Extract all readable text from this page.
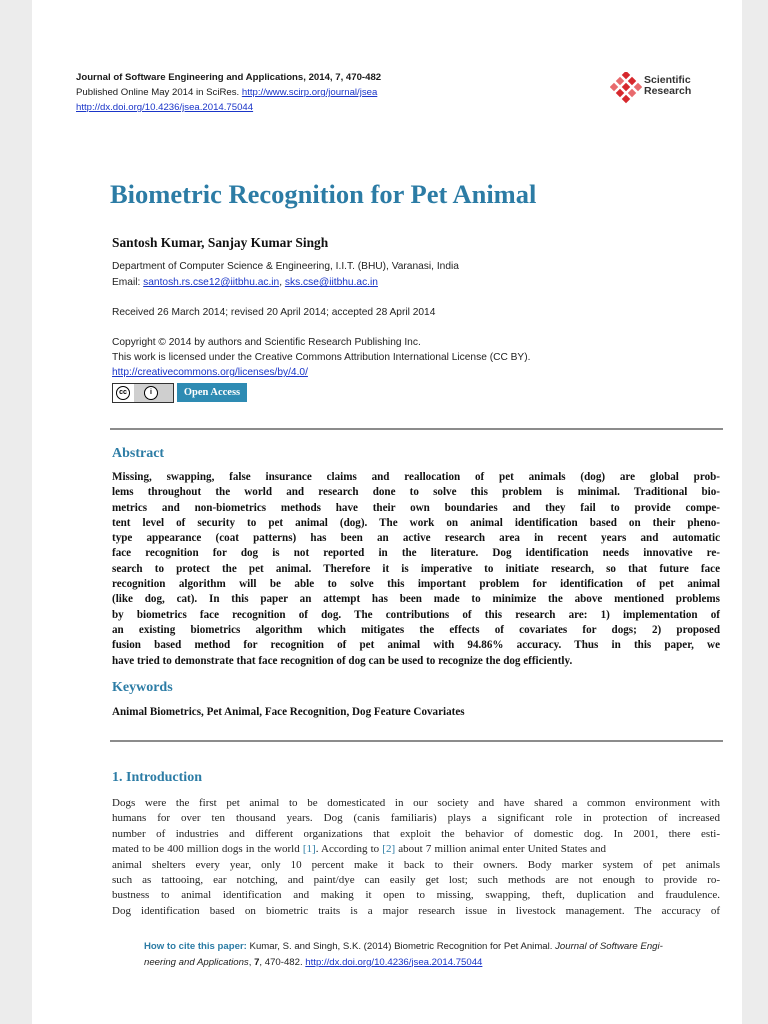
Journal of Software Engineering and Applications, 2014, 7, 470-482
Published Online May 2014 in SciRes. http://www.scirp.org/journal/jsea
http://dx.doi.org/10.4236/jsea.2014.75044
Scientific
Research
Biometric Recognition for Pet Animal
Santosh Kumar, Sanjay Kumar Singh
Department of Computer Science & Engineering, I.I.T. (BHU), Varanasi, India
Email: santosh.rs.cse12@iitbhu.ac.in, sks.cse@iitbhu.ac.in
Received 26 March 2014; revised 20 April 2014; accepted 28 April 2014
Copyright © 2014 by authors and Scientific Research Publishing Inc.
This work is licensed under the Creative Commons Attribution International License (CC BY).
http://creativecommons.org/licenses/by/4.0/
cc	i	Open Access
Abstract
Missing, swapping, false insurance claims and reallocation of pet animals (dog) are global prob-
lems throughout the world and research done to solve this problem is minimal. Traditional bio-
metrics and non-biometrics methods have their own boundaries and they fail to provide compe-
tent level of security to pet animal (dog). The work on animal identification based on their pheno-
type appearance (coat patterns) has been an active research area in recent years and automatic
face recognition for dog is not reported in the literature. Dog identification needs innovative re-
search to protect the pet animal. Therefore it is imperative to initiate research, so that future face
recognition algorithm will be able to solve this important problem for identification of pet animal
(like dog, cat). In this paper an attempt has been made to minimize the above mentioned problems
by biometrics face recognition of dog. The contributions of this research are: 1) implementation of
an existing biometrics algorithm which mitigates the effects of covariates for dogs; 2) proposed
fusion based method for recognition of pet animal with 94.86% accuracy. Thus in this paper, we
have tried to demonstrate that face recognition of dog can be used to recognize the dog efficiently.
Keywords
Animal Biometrics, Pet Animal, Face Recognition, Dog Feature Covariates
1. Introduction
Dogs were the first pet animal to be domesticated in our society and have shared a common environment with
humans for over ten thousand years. Dog (canis familiaris) plays a significant role in protection of increased
number of industries and different organizations that exploit the behavior of domestic dog. In 2001, there esti-
mated to be 400 million dogs in the world [1]. According to [2] about 7 million animal enter United States and
animal shelters every year, only 10 percent make it back to their owners. Body marker system of pet animals
such as tattooing, ear notching, and paint/dye can easily get lost; such methods are not enough to provide ro-
bustness to animal identification and making it open to missing, swapping, theft, duplication and fraudulence.
Dog identification based on biometric traits is a major research issue in livestock management. The accuracy of
How to cite this paper: Kumar, S. and Singh, S.K. (2014) Biometric Recognition for Pet Animal. Journal of Software Engi-
neering and Applications, 7, 470-482. http://dx.doi.org/10.4236/jsea.2014.75044
